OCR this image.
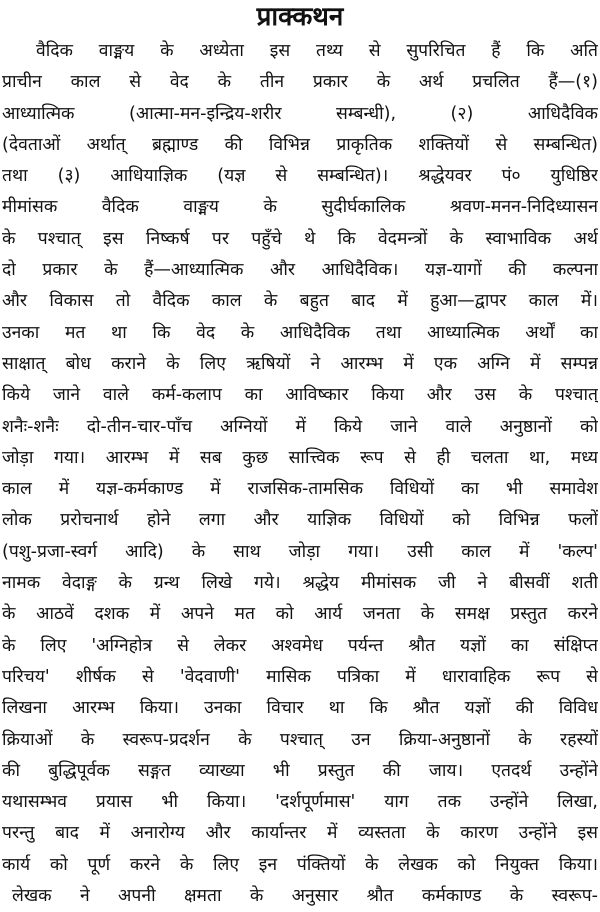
प्राक्कथन
वैदिक वाङ्मय के अध्येता इस तथ्य से सुपरिचित हैं कि अति
प्राचीन काल से वेद के तीन प्रकार के अर्थ प्रचलित हैं—(१)
आध्यात्मिक (आत्मा-मन-इन्द्रिय-शरीर सम्बन्धी), (२) आधिदैविक
(देवताओं अर्थात् ब्रह्माण्ड की विभिन्न प्राकृतिक शक्तियों से सम्बन्धित)
तथा (३) आधियाज्ञिक (यज्ञ से सम्बन्धित)। श्रद्धेयवर पं० युधिष्ठिर
मीमांसक वैदिक वाङ्मय के सुदीर्घकालिक श्रवण-मनन-निदिध्यासन
के पश्चात् इस निष्कर्ष पर पहुँचे थे कि वेदमन्त्रों के स्वाभाविक अर्थ
दो प्रकार के हैं—आध्यात्मिक और आधिदैविक। यज्ञ-यागों की कल्पना
और विकास तो वैदिक काल के बहुत बाद में हुआ—द्वापर काल में।
उनका मत था कि वेद के आधिदैविक तथा आध्यात्मिक अर्थों का
साक्षात् बोध कराने के लिए ऋषियों ने आरम्भ में एक अग्नि में सम्पन्न
किये जाने वाले कर्म-कलाप का आविष्कार किया और उस के पश्चात्
शनैः-शनैः दो-तीन-चार-पाँच अग्नियों में किये जाने वाले अनुष्ठानों को
जोड़ा गया। आरम्भ में सब कुछ सात्त्विक रूप से ही चलता था, मध्य
काल में यज्ञ-कर्मकाण्ड में राजसिक-तामसिक विधियों का भी समावेश
लोक प्ररोचनार्थ होने लगा और याज्ञिक विधियों को विभिन्न फलों
(पशु-प्रजा-स्वर्ग आदि) के साथ जोड़ा गया। उसी काल में 'कल्प'
नामक वेदाङ्ग के ग्रन्थ लिखे गये। श्रद्धेय मीमांसक जी ने बीसवीं शती
के आठवें दशक में अपने मत को आर्य जनता के समक्ष प्रस्तुत करने
के लिए 'अग्निहोत्र से लेकर अश्वमेध पर्यन्त श्रौत यज्ञों का संक्षिप्त
परिचय' शीर्षक से 'वेदवाणी' मासिक पत्रिका में धारावाहिक रूप से
लिखना आरम्भ किया। उनका विचार था कि श्रौत यज्ञों की विविध
क्रियाओं के स्वरूप-प्रदर्शन के पश्चात् उन क्रिया-अनुष्ठानों के रहस्यों
की बुद्धिपूर्वक सङ्गत व्याख्या भी प्रस्तुत की जाय। एतदर्थ उन्होंने
यथासम्भव प्रयास भी किया। 'दर्शपूर्णमास' याग तक उन्होंने लिखा,
परन्तु बाद में अनारोग्य और कार्यान्तर में व्यस्तता के कारण उन्होंने इस
कार्य को पूर्ण करने के लिए इन पंक्तियों के लेखक को नियुक्त किया।
लेखक ने अपनी क्षमता के अनुसार श्रौत कर्मकाण्ड के स्वरूप-
